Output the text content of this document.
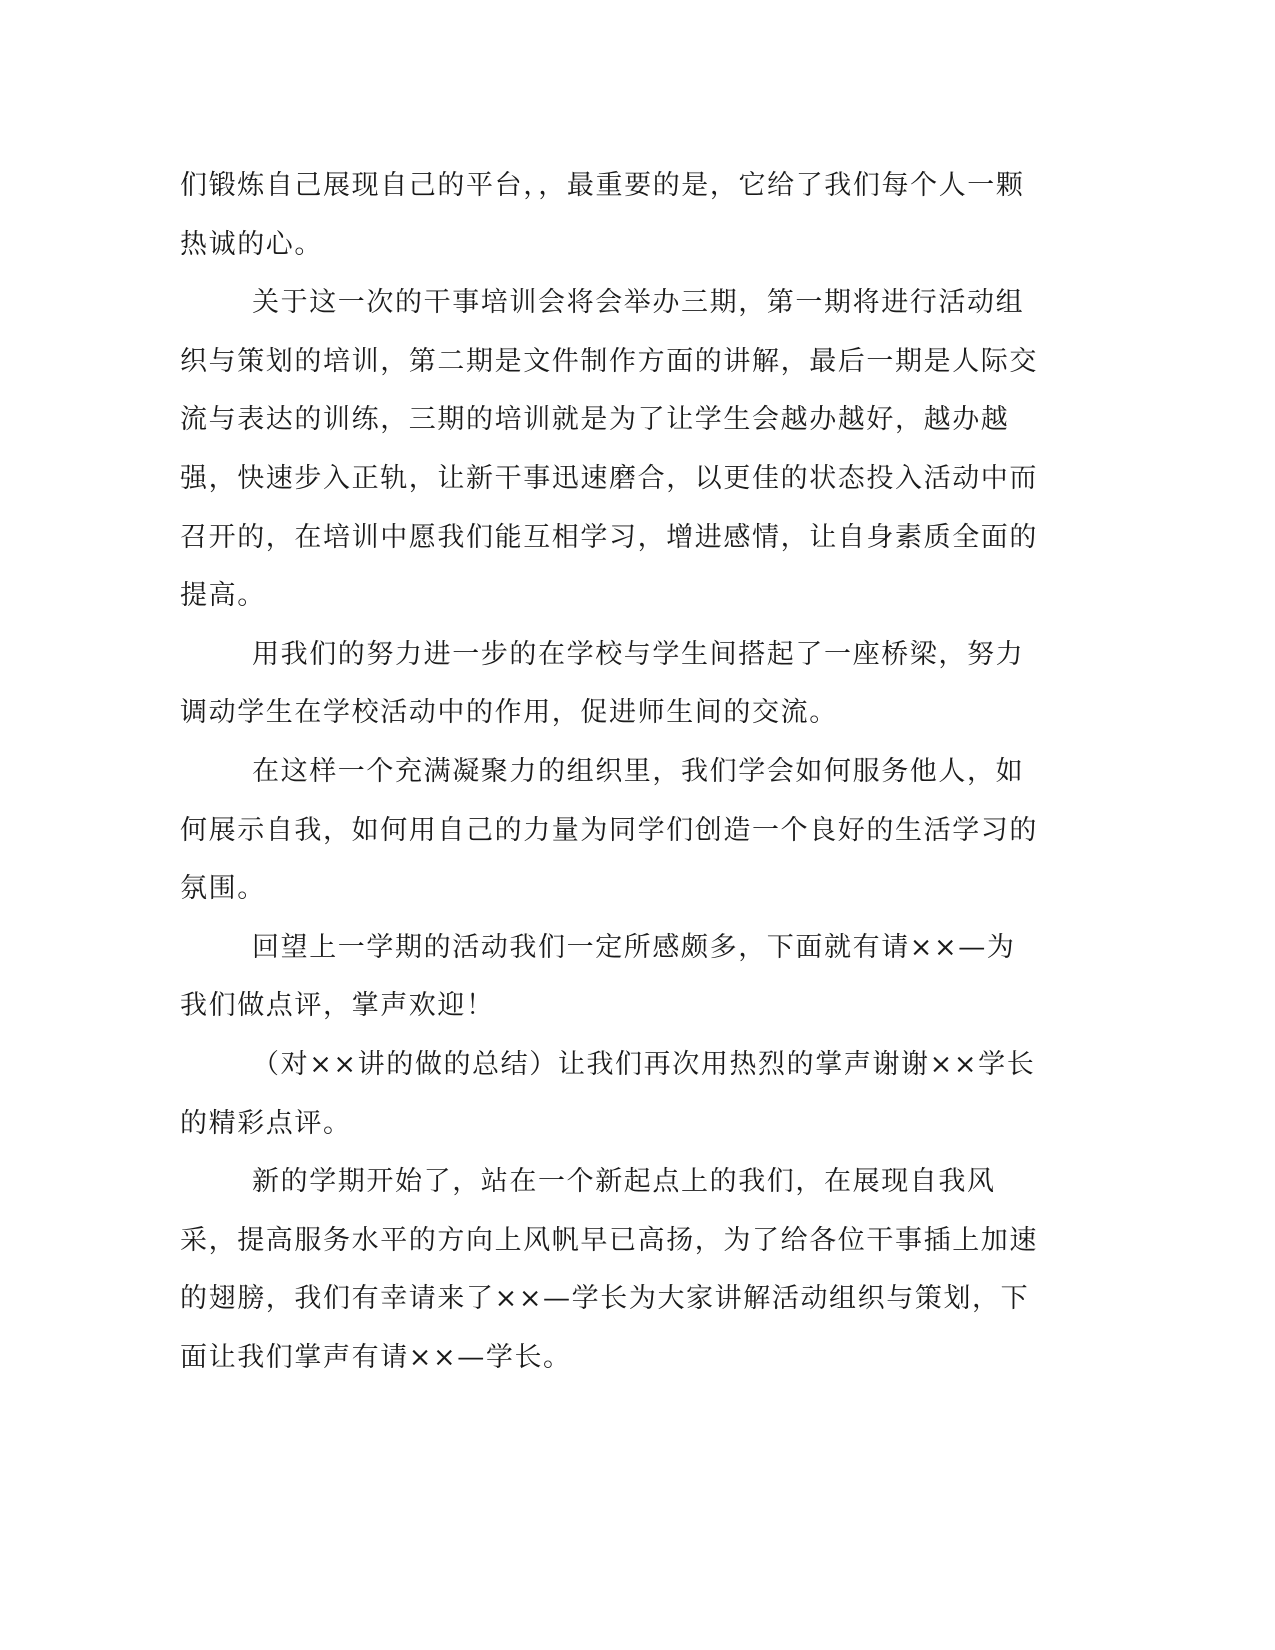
们锻炼自己展现自己的平台，，最重要的是，它给了我们每个人一颗热诚的心。

关于这一次的干事培训会将会举办三期，第一期将进行活动组织与策划的培训，第二期是文件制作方面的讲解，最后一期是人际交流与表达的训练，三期的培训就是为了让学生会越办越好，越办越强，快速步入正轨，让新干事迅速磨合，以更佳的状态投入活动中而召开的，在培训中愿我们能互相学习，增进感情，让自身素质全面的提高。

用我们的努力进一步的在学校与学生间搭起了一座桥梁，努力调动学生在学校活动中的作用，促进师生间的交流。

在这样一个充满凝聚力的组织里，我们学会如何服务他人，如何展示自我，如何用自己的力量为同学们创造一个良好的生活学习的氛围。

回望上一学期的活动我们一定所感颇多，下面就有请××—为我们做点评，掌声欢迎！

（对××讲的做的总结）让我们再次用热烈的掌声谢谢××学长的精彩点评。

新的学期开始了，站在一个新起点上的我们，在展现自我风采，提高服务水平的方向上风帆早已高扬，为了给各位干事插上加速的翅膀，我们有幸请来了××—学长为大家讲解活动组织与策划，下面让我们掌声有请××—学长。
